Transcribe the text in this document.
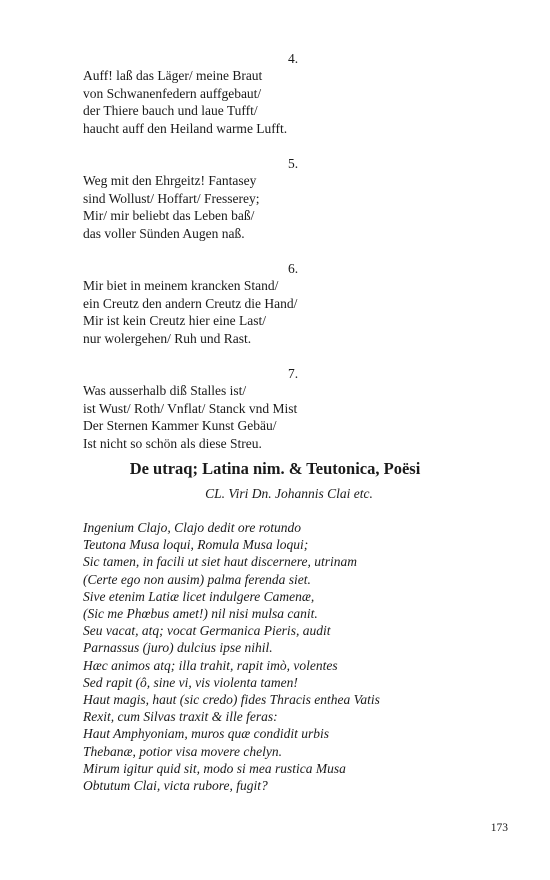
4.
Auff! laß das Läger/ meine Braut
von Schwanenfedern auffgebaut/
der Thiere bauch und laue Tufft/
haucht auff den Heiland warme Lufft.
5.
Weg mit den Ehrgeitz! Fantasey
sind Wollust/ Hoffart/ Fresserey;
Mir/ mir beliebt das Leben baß/
das voller Sünden Augen naß.
6.
Mir biet in meinem krancken Stand/
ein Creutz den andern Creutz die Hand/
Mir ist kein Creutz hier eine Last/
nur wolergehen/ Ruh und Rast.
7.
Was ausserhalb diß Stalles ist/
ist Wust/ Roth/ Vnflat/ Stanck vnd Mist
Der Sternen Kammer Kunst Gebäu/
Ist nicht so schön als diese Streu.
De utraq; Latina nim. & Teutonica, Poësi
CL. Viri Dn. Johannis Clai etc.
Ingenium Clajo, Clajo dedit ore rotundo
Teutona Musa loqui, Romula Musa loqui;
Sic tamen, in facili ut siet haut discernere, utrinam
(Certe ego non ausim) palma ferenda siet.
Sive etenim Latiæ licet indulgere Camenæ,
(Sic me Phœbus amet!) nil nisi mulsa canit.
Seu vacat, atq; vocat Germanica Pieris, audit
Parnassus (juro) dulcius ipse nihil.
Hæc animos atq; illa trahit, rapit imò, volentes
Sed rapit (ô, sine vi, vis violenta tamen!
Haut magis, haut (sic credo) fides Thracis enthea Vatis
Rexit, cum Silvas traxit & ille feras:
Haut Amphyoniam, muros quæ condidit urbis
Thebanæ, potior visa movere chelyn.
Mirum igitur quid sit, modo si mea rustica Musa
Obtutum Clai, victa rubore, fugit?
173
